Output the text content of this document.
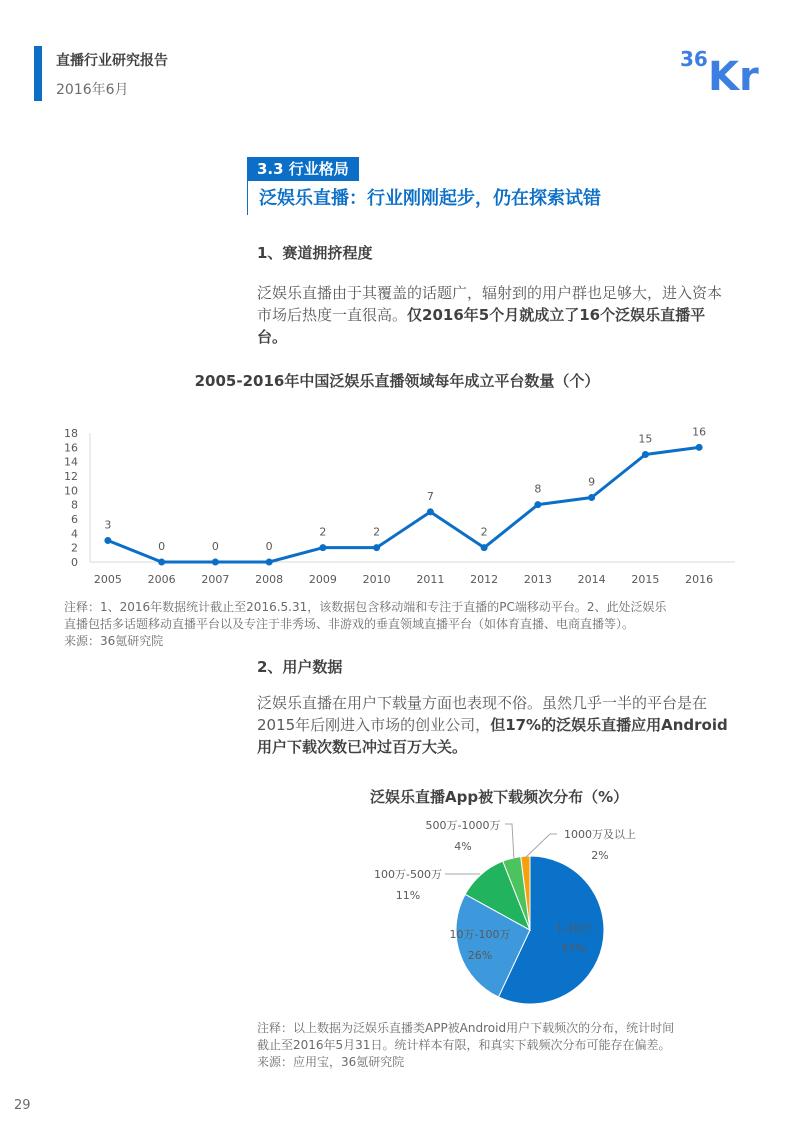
直播行业研究报告
2016年6月
36 Kr
3.3 行业格局
泛娱乐直播：行业刚刚起步，仍在探索试错
1、赛道拥挤程度
泛娱乐直播由于其覆盖的话题广，辐射到的用户群也足够大，进入资本市场后热度一直很高。仅2016年5个月就成立了16个泛娱乐直播平台。
2005-2016年中国泛娱乐直播领域每年成立平台数量（个）
0
2
4
6
8
10
12
14
16
18
2005 2006 2007 2008 2009 2010 2011 2012 2013 2014 2015 2016
3
0	0	0
2	2
7
2
8
9
15
16
注释：1、2016年数据统计截止至2016.5.31，该数据包含移动端和专注于直播的PC端移动平台。2、此处泛娱乐
直播包括多话题移动直播平台以及专注于非秀场、非游戏的垂直领域直播平台（如体育直播、电商直播等）。
来源：36氪研究院
2、用户数据
泛娱乐直播在用户下载量方面也表现不俗。虽然几乎一半的平台是在2015年后刚进入市场的创业公司，但17%的泛娱乐直播应用Android用户下载次数已冲过百万大关。
泛娱乐直播App被下载频次分布（%）
1-10万
57%
10万-100万
26%
100万-500万
11%
500万-1000万
4%
1000万及以上
2%
注释：以上数据为泛娱乐直播类APP被Android用户下载频次的分布，统计时间
截止至2016年5月31日。统计样本有限，和真实下载频次分布可能存在偏差。
来源：应用宝，36氪研究院
29
